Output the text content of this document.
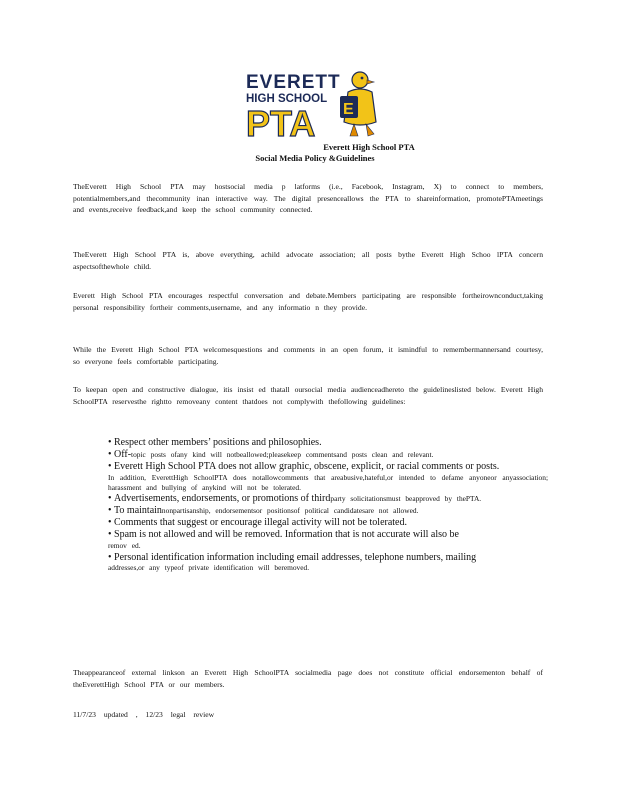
EVERETT
HIGH SCHOOL
PTA E
Everett High School PTA
Social Media Policy &Guidelines

TheEverett High School PTA may hostsocial media p latforms (i.e., Facebook, Instagram, X) to connect to members, potentialmembers,and thecommunity inan interactive way. The digital presenceallows the PTA to shareinformation, promotePTAmeetings and events,receive feedback,and keep the school community connected.

TheEverett High School PTA is, above everything, achild advocate association; all posts bythe Everett High Schoo lPTA concern aspectsofthewhole child.

Everett High School PTA encourages respectful conversation and debate.Members participating are responsible fortheirownconduct,taking personal responsibility fortheir comments,username, and any informatio n they provide.

While the Everett High School PTA welcomesquestions and comments in an open forum, it ismindful to remembermannersand courtesy, so everyone feels comfortable participating.

To keepan open and constructive dialogue, itis insist ed thatall oursocial media audienceadhereto the guidelineslisted below. Everett High SchoolPTA reservesthe rightto removeany content thatdoes not complywith thefollowing guidelines:

• Respect other members’ positions and philosophies.
• Off-topic posts ofany kind will notbeallowed;pleasekeep commentsand posts clean and relevant.
• Everett High School PTA does not allow graphic, obscene, explicit, or racial comments or posts.
In addition, EverettHigh SchoolPTA does notallowcomments that areabusive,hateful,or intended to defame anyoneor anyassociation; harassment and bullying of anykind will not be tolerated.
• Advertisements, endorsements, or promotions of thirdparty solicitationsmust beapproved by thePTA.
• To maintainnonpartisanship, endorsementsor positionsof political candidatesare not allowed.
• Comments that suggest or encourage illegal activity will not be tolerated.
• Spam is not allowed and will be removed. Information that is not accurate will also be
remov ed.
• Personal identification information including email addresses, telephone numbers, mailing
addresses,or any typeof private identification will beremoved.

Theappearanceof external linkson an Everett High SchoolPTA socialmedia page does not constitute official endorsementon behalf of theEverettHigh School PTA or our members.

11/7/23 updated , 12/23 legal review
